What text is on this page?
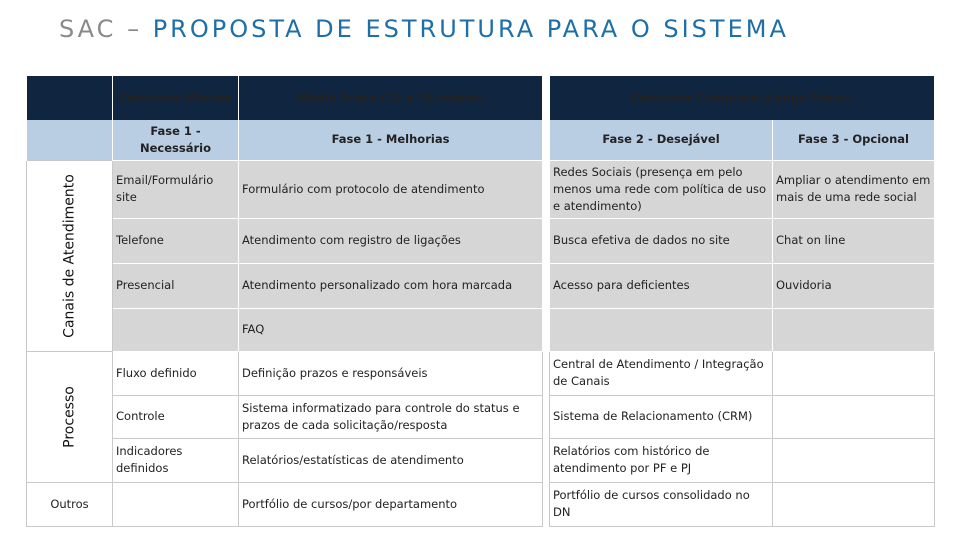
SAC – PROPOSTA DE ESTRUTURA PARA O SISTEMA
	Estrutura Mínima	Médio Prazo (12 a 18 meses)		Estrutura Completa (Longo Prazo)	
	Fase 1 - Necessário	Fase 1 - Melhorias		Fase 2 - Desejável	Fase 3 - Opcional

Canais de Atendimento	Email/Formulário site	Formulário com protocolo de atendimento		Redes Sociais (presença em pelo menos uma rede com política de uso e atendimento)	Ampliar o atendimento em mais de uma rede social
	Telefone	Atendimento com registro de ligações		Busca efetiva de dados no site	Chat on line
	Presencial	Atendimento personalizado com hora marcada		Acesso para deficientes	Ouvidoria
		FAQ			

Processo	Fluxo definido	Definição prazos e responsáveis		Central de Atendimento / Integração de Canais	
	Controle	Sistema informatizado para controle do status e prazos de cada solicitação/resposta		Sistema de Relacionamento (CRM)	
	Indicadores definidos	Relatórios/estatísticas de atendimento		Relatórios com histórico de atendimento por PF e PJ	
Outros		Portfólio de cursos/por departamento		Portfólio de cursos consolidado no DN	
